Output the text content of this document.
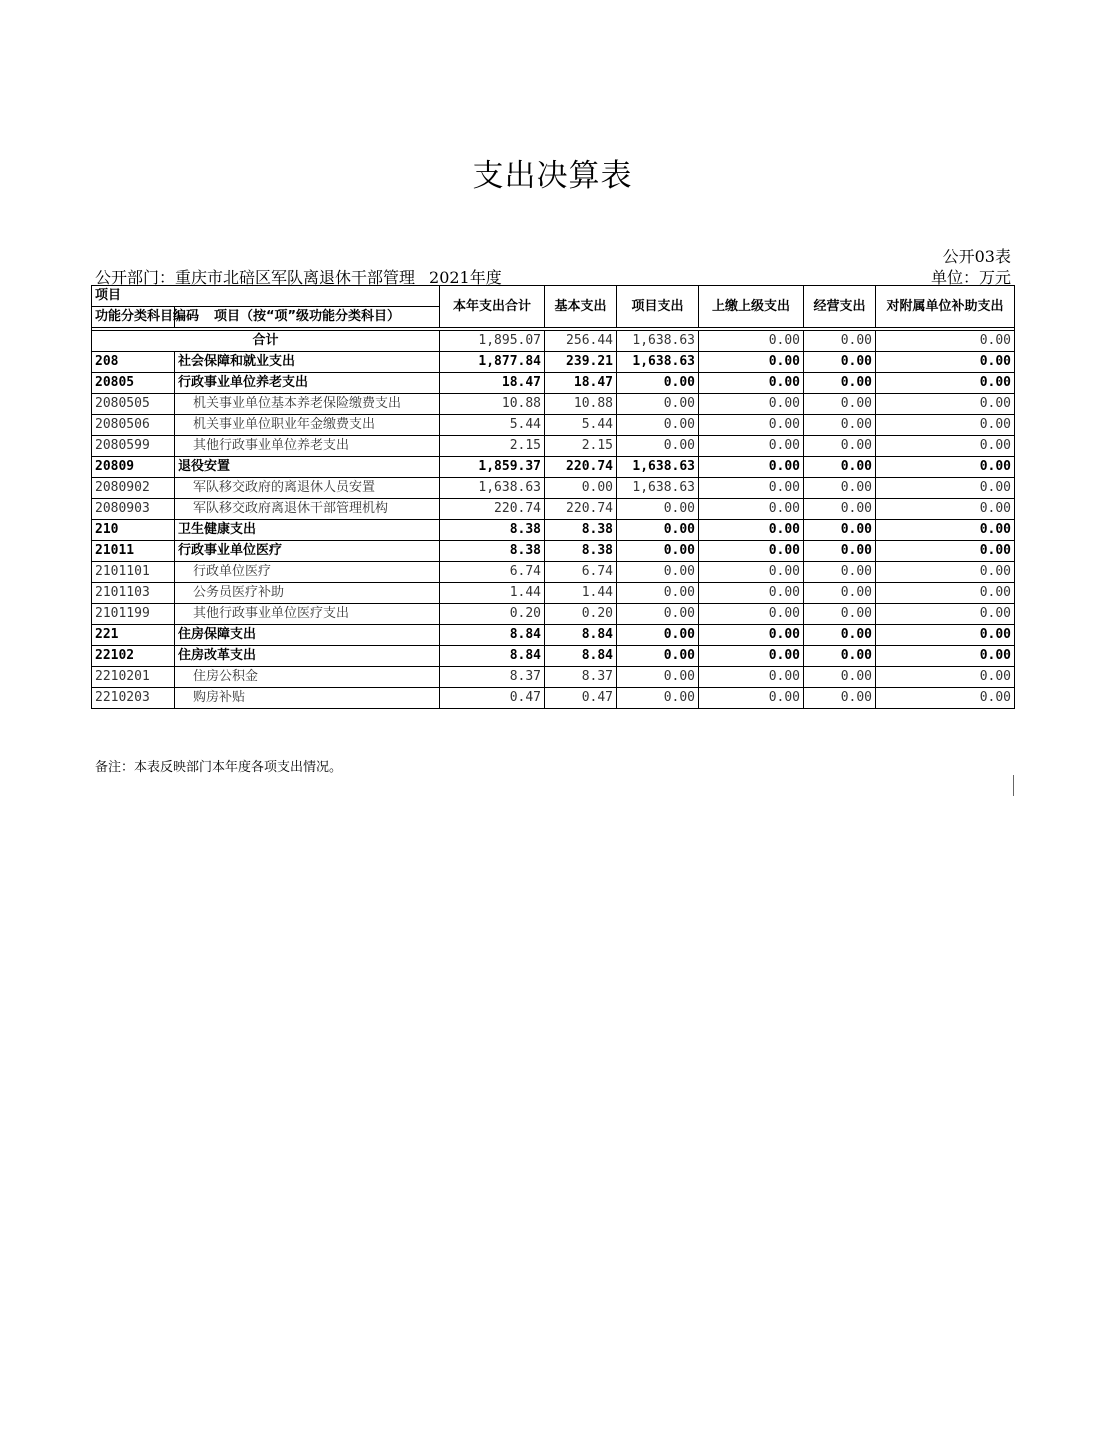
支出决算表
公开03表
公开部门：重庆市北碚区军队离退休干部管理 2021年度	单位：万元
项目		本年支出合计	基本支出	项目支出	上缴上级支出	经营支出	对附属单位补助支出
功能分类科目编码	项目（按“项”级功能分类科目）						

合计		1,895.07	256.44	1,638.63	0.00	0.00	0.00
208	社会保障和就业支出	1,877.84	239.21	1,638.63	0.00	0.00	0.00
20805	行政事业单位养老支出	18.47	18.47	0.00	0.00	0.00	0.00
2080505	机关事业单位基本养老保险缴费支出	10.88	10.88	0.00	0.00	0.00	0.00
2080506	机关事业单位职业年金缴费支出	5.44	5.44	0.00	0.00	0.00	0.00
2080599	其他行政事业单位养老支出	2.15	2.15	0.00	0.00	0.00	0.00
20809	退役安置	1,859.37	220.74	1,638.63	0.00	0.00	0.00
2080902	军队移交政府的离退休人员安置	1,638.63	0.00	1,638.63	0.00	0.00	0.00
2080903	军队移交政府离退休干部管理机构	220.74	220.74	0.00	0.00	0.00	0.00
210	卫生健康支出	8.38	8.38	0.00	0.00	0.00	0.00
21011	行政事业单位医疗	8.38	8.38	0.00	0.00	0.00	0.00
2101101	行政单位医疗	6.74	6.74	0.00	0.00	0.00	0.00
2101103	公务员医疗补助	1.44	1.44	0.00	0.00	0.00	0.00
2101199	其他行政事业单位医疗支出	0.20	0.20	0.00	0.00	0.00	0.00
221	住房保障支出	8.84	8.84	0.00	0.00	0.00	0.00
22102	住房改革支出	8.84	8.84	0.00	0.00	0.00	0.00
2210201	住房公积金	8.37	8.37	0.00	0.00	0.00	0.00
2210203	购房补贴	0.47	0.47	0.00	0.00	0.00	0.00
备注：本表反映部门本年度各项支出情况。
